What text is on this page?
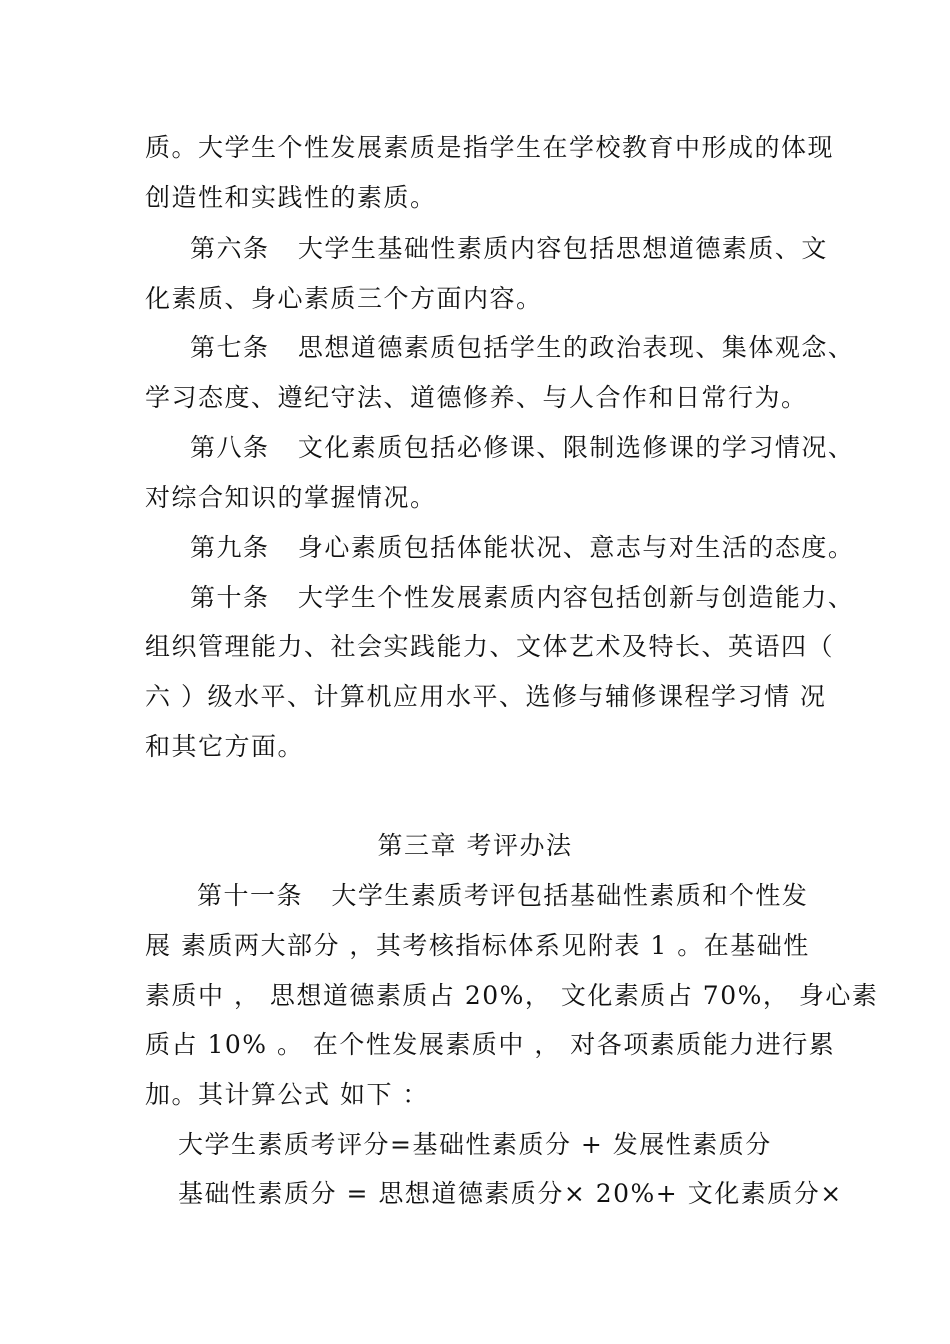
质。大学生个性发展素质是指学生在学校教育中形成的体现
创造性和实践性的素质。
第六条   大学生基础性素质内容包括思想道德素质、文
化素质、身心素质三个方面内容。
第七条   思想道德素质包括学生的政治表现、集体观念、
学习态度、遵纪守法、道德修养、与人合作和日常行为。
第八条   文化素质包括必修课、限制选修课的学习情况、
对综合知识的掌握情况。
第九条   身心素质包括体能状况、意志与对生活的态度。
第十条   大学生个性发展素质内容包括创新与创造能力、
组织管理能力、社会实践能力、文体艺术及特长、英语四（
六 ）级水平、计算机应用水平、选修与辅修课程学习情 况
和其它方面。
第三章 考评办法
第十一条   大学生素质考评包括基础性素质和个性发
展 素质两大部分 ，其考核指标体系见附表 1 。在基础性
素质中 ， 思想道德素质占 20%， 文化素质占 70%， 身心素
质占 10% 。 在个性发展素质中 ， 对各项素质能力进行累
加。其计算公式 如下 ：
大学生素质考评分=基础性素质分 + 发展性素质分
基础性素质分 = 思想道德素质分× 20%+ 文化素质分×
